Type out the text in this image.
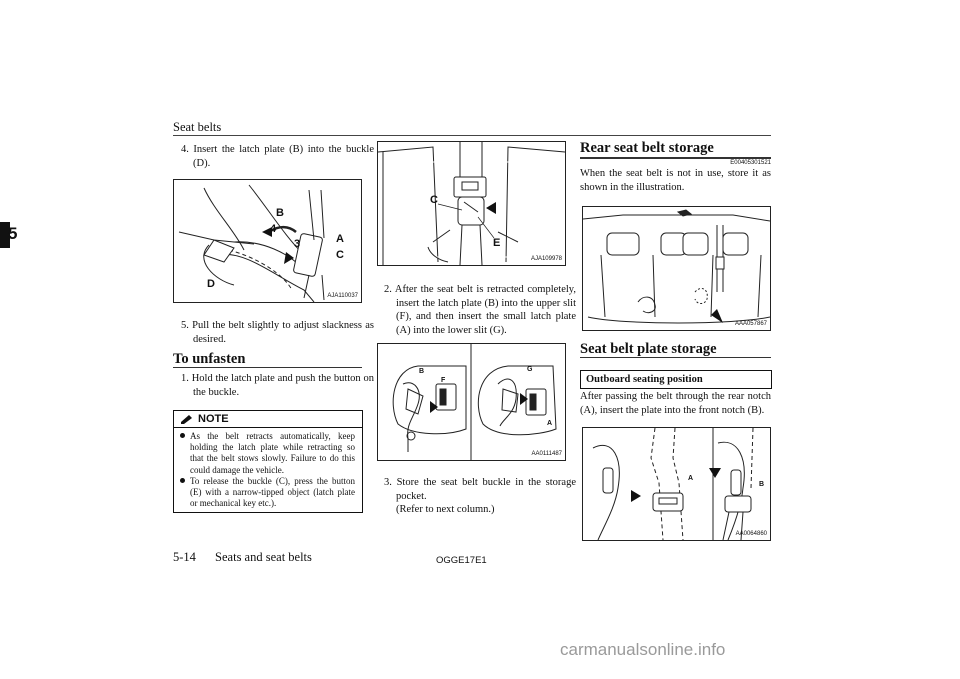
Seat belts
5
4. Insert the latch plate (B) into the buckle (D).
B
4
3	A
C
D
AJA110037
5. Pull the belt slightly to adjust slackness as desired.
To unfasten
1. Hold the latch plate and push the button on the buckle.
NOTE
As the belt retracts automatically, keep holding the latch plate while retracting so that the belt stows slowly. Failure to do this could damage the vehicle.
To release the buckle (C), press the button (E) with a narrow-tipped object (latch plate or mechanical key etc.).
C
E
AJA109978
2. After the seat belt is retracted completely, insert the latch plate (B) into the upper slit (F), and then insert the small latch plate (A) into the lower slit (G).
B
F
G
A
AA0111487
3. Store the seat belt buckle in the storage pocket.
(Refer to next column.)
Rear seat belt storage
E00405301521
When the seat belt is not in use, store it as shown in the illustration.
AAA057867
Seat belt plate storage
Outboard seating position
After passing the belt through the rear notch (A), insert the plate into the front notch (B).
A
B
AA0064860
5-14 Seats and seat belts	OGGE17E1
carmanualsonline.info
